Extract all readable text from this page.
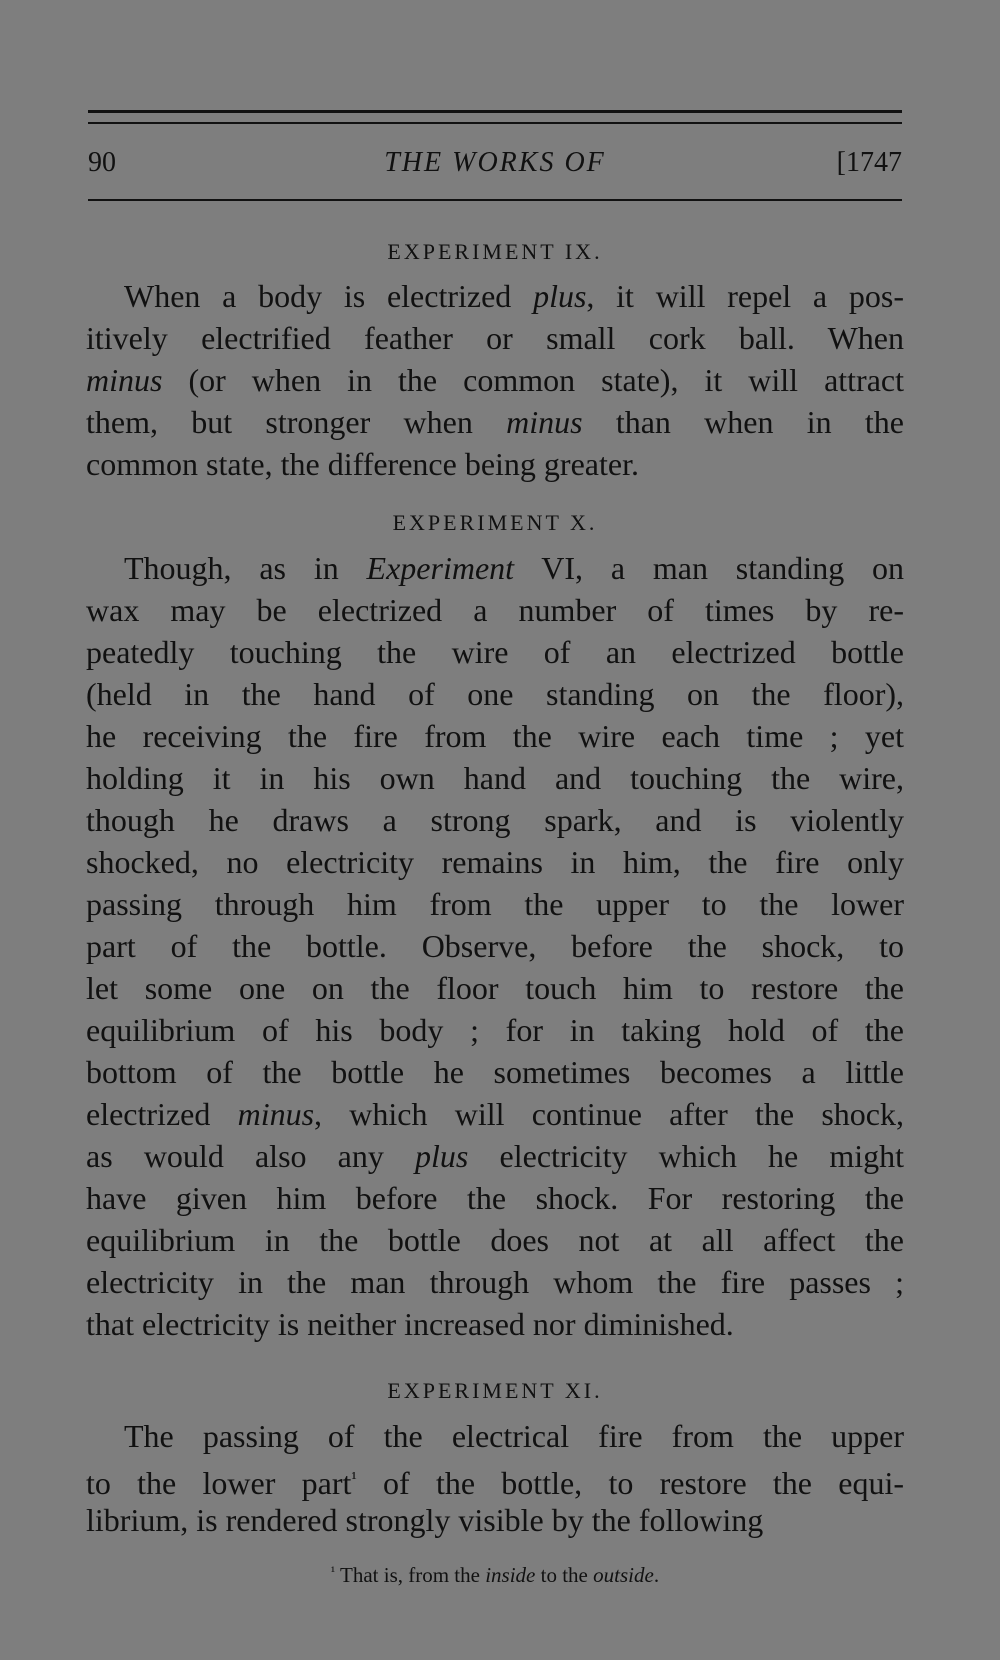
90	THE WORKS OF	[1747
EXPERIMENT IX.
When a body is electrized plus, it will repel a pos-
itively electrified feather or small cork ball. When
minus (or when in the common state), it will attract
them, but stronger when minus than when in the
common state, the difference being greater.
EXPERIMENT X.
Though, as in Experiment VI, a man standing on
wax may be electrized a number of times by re-
peatedly touching the wire of an electrized bottle
(held in the hand of one standing on the floor),
he receiving the fire from the wire each time ; yet
holding it in his own hand and touching the wire,
though he draws a strong spark, and is violently
shocked, no electricity remains in him, the fire only
passing through him from the upper to the lower
part of the bottle. Observe, before the shock, to
let some one on the floor touch him to restore the
equilibrium of his body ; for in taking hold of the
bottom of the bottle he sometimes becomes a little
electrized minus, which will continue after the shock,
as would also any plus electricity which he might
have given him before the shock. For restoring the
equilibrium in the bottle does not at all affect the
electricity in the man through whom the fire passes ;
that electricity is neither increased nor diminished.
EXPERIMENT XI.
The passing of the electrical fire from the upper
to the lower part$^{^1}$ of the bottle, to restore the equi-
librium, is rendered strongly visible by the following
$^{^1}$ That is, from the inside to the outside.
